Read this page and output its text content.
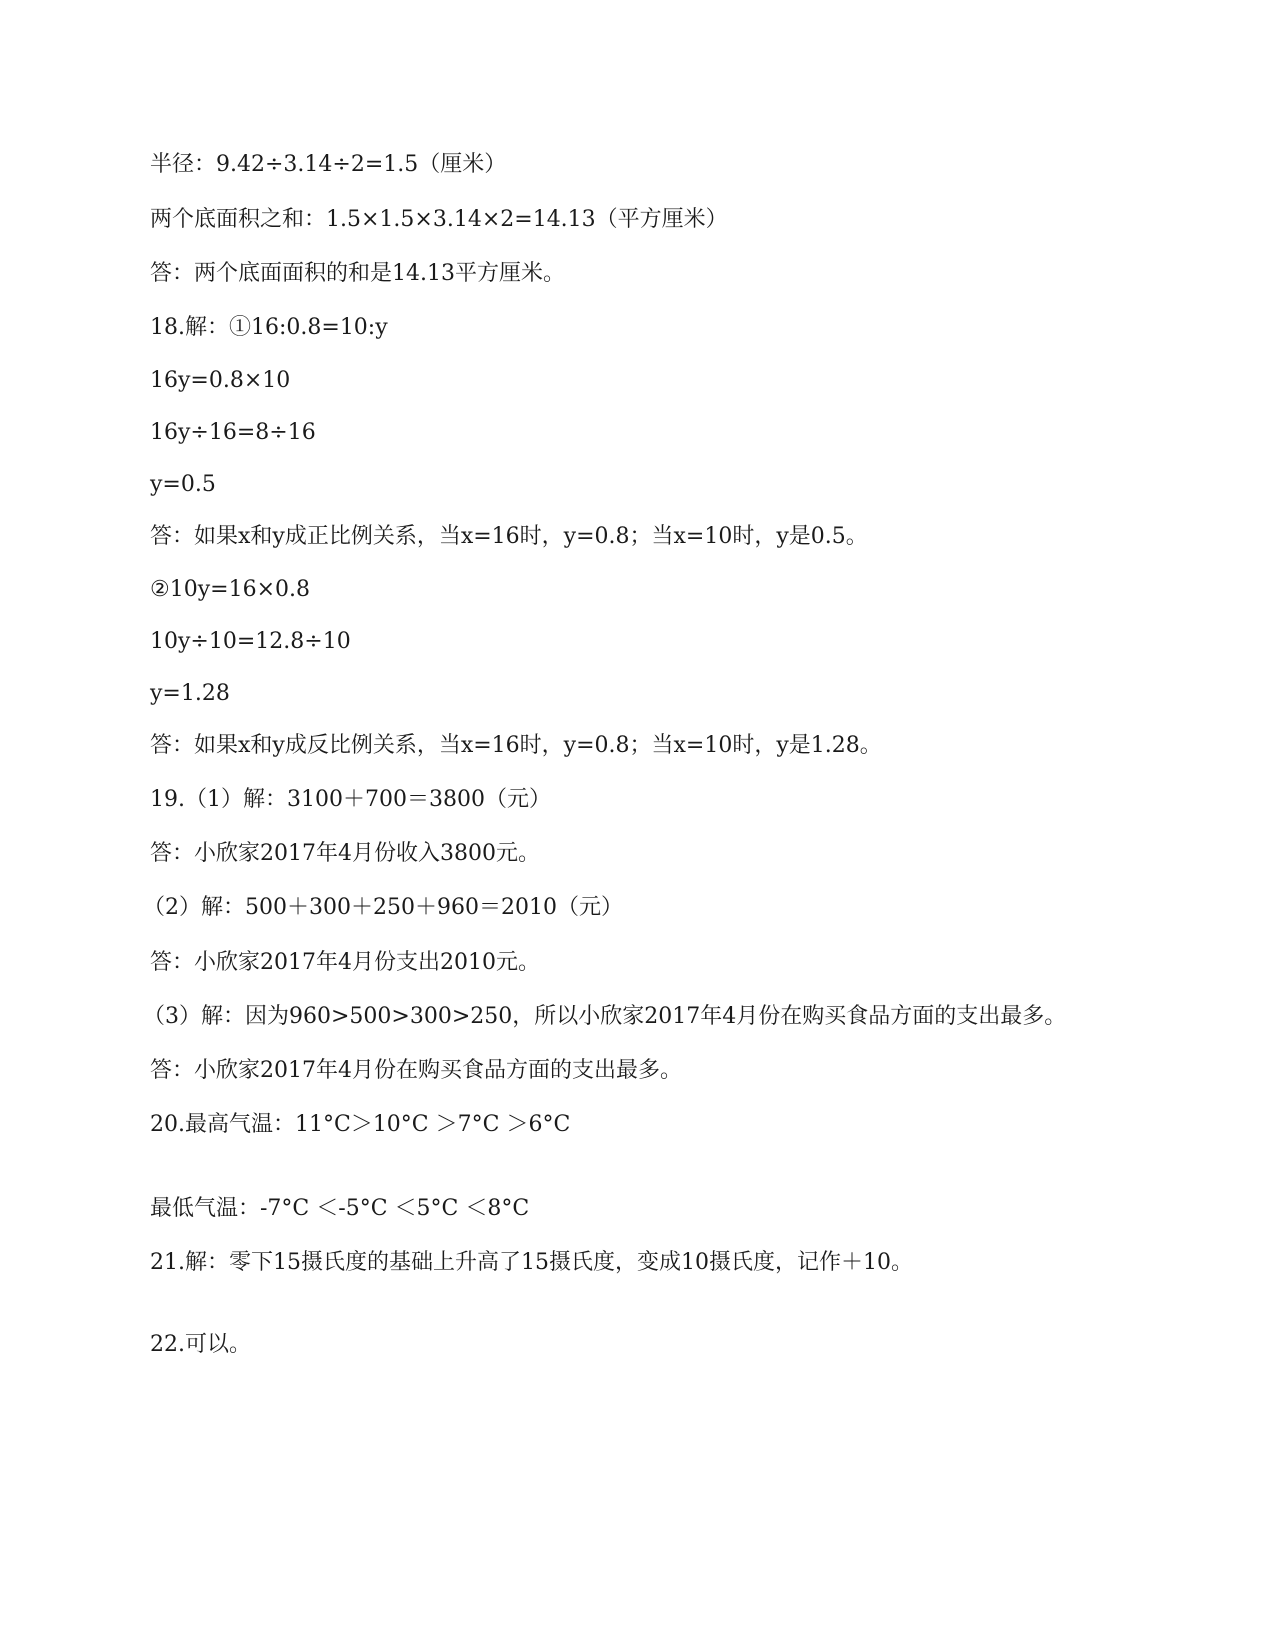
半径：9.42÷3.14÷2=1.5（厘米）
两个底面积之和：1.5×1.5×3.14×2=14.13（平方厘米）
答：两个底面面积的和是14.13平方厘米。
18.解：①16:0.8=10:y
16y=0.8×10
16y÷16=8÷16
y=0.5
答：如果x和y成正比例关系，当x=16时，y=0.8；当x=10时，y是0.5。
②10y=16×0.8
10y÷10=12.8÷10
y=1.28
答：如果x和y成反比例关系，当x=16时，y=0.8；当x=10时，y是1.28。
19.（1）解：3100＋700＝3800（元）
答：小欣家2017年4月份收入3800元。
（2）解：500＋300＋250＋960＝2010（元）
答：小欣家2017年4月份支出2010元。
（3）解：因为960>500>300>250，所以小欣家2017年4月份在购买食品方面的支出最多。
答：小欣家2017年4月份在购买食品方面的支出最多。
20.最高气温：11°C＞10°C ＞7°C ＞6°C
最低气温：-7°C ＜-5°C ＜5°C ＜8°C
21.解：零下15摄氏度的基础上升高了15摄氏度，变成10摄氏度，记作＋10。
22.可以。
